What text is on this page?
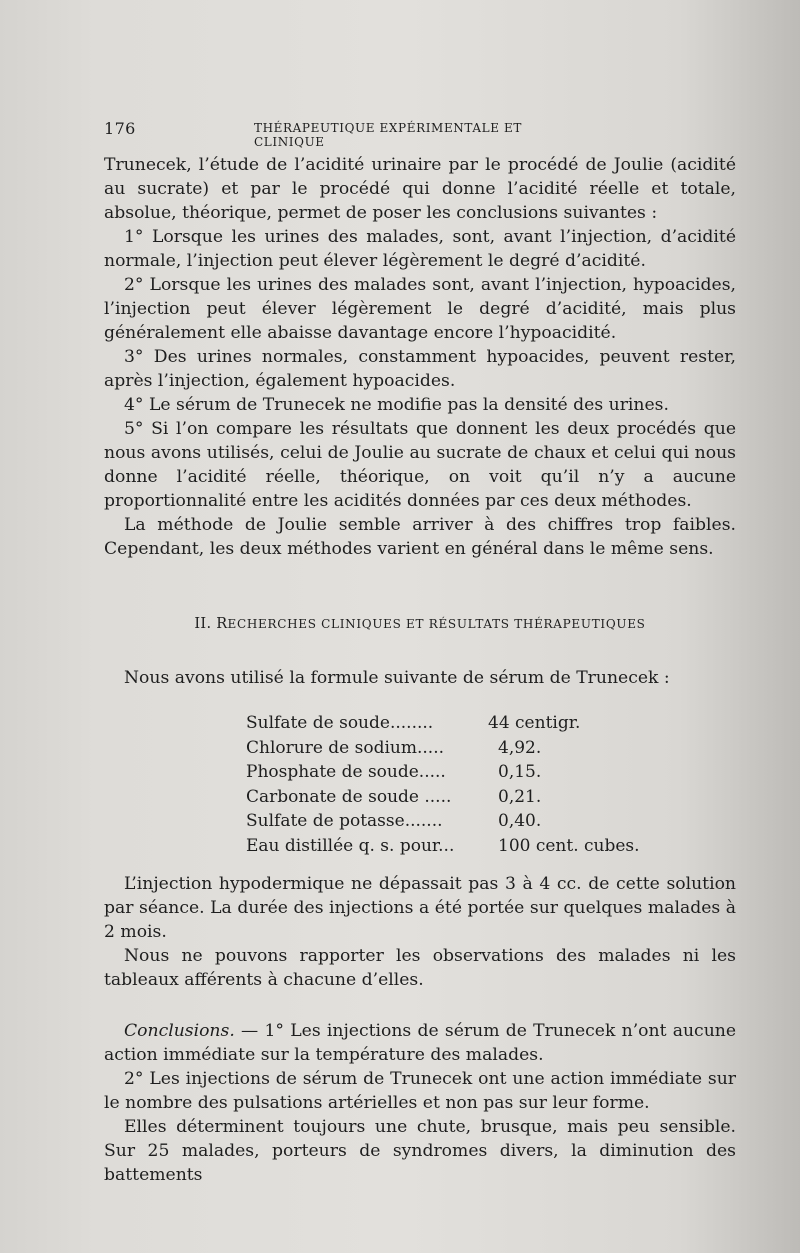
176	THÉRAPEUTIQUE EXPÉRIMENTALE ET CLINIQUE

Trunecek, l’étude de l’acidité urinaire par le procédé de Joulie (acidité au sucrate) et par le procédé qui donne l’acidité réelle et totale, absolue, théorique, permet de poser les conclusions suivantes :

1° Lorsque les urines des malades, sont, avant l’injection, d’acidité normale, l’injection peut élever légèrement le degré d’acidité.

2° Lorsque les urines des malades sont, avant l’injection, hypoacides, l’injection peut élever légèrement le degré d’acidité, mais plus généralement elle abaisse davantage encore l’hypoacidité.

3° Des urines normales, constamment hypoacides, peuvent rester, après l’injection, également hypoacides.

4° Le sérum de Trunecek ne modifie pas la densité des urines.

5° Si l’on compare les résultats que donnent les deux procédés que nous avons utilisés, celui de Joulie au sucrate de chaux et celui qui nous donne l’acidité réelle, théorique, on voit qu’il n’y a aucune proportionnalité entre les acidités données par ces deux méthodes.

La méthode de Joulie semble arriver à des chiffres trop faibles. Cependant, les deux méthodes varient en général dans le même sens.

II. RECHERCHES CLINIQUES ET RÉSULTATS THÉRAPEUTIQUES

Nous avons utilisé la formule suivante de sérum de Trunecek :

Sulfate de soude........	44 centigr.
Chlorure de sodium.....	4,92.
Phosphate de soude.....	0,15.
Carbonate de soude .....	0,21.
Sulfate de potasse.......	0,40.
Eau distillée q. s. pour...	100 cent. cubes.

L’injection hypodermique ne dépassait pas 3 à 4 cc. de cette solution par séance. La durée des injections a été portée sur quelques malades à 2 mois.

Nous ne pouvons rapporter les observations des malades ni les tableaux afférents à chacune d’elles.

Conclusions. — 1° Les injections de sérum de Trunecek n’ont aucune action immédiate sur la température des malades.

2° Les injections de sérum de Trunecek ont une action immédiate sur le nombre des pulsations artérielles et non pas sur leur forme.

Elles déterminent toujours une chute, brusque, mais peu sensible. Sur 25 malades, porteurs de syndromes divers, la diminution des battements
